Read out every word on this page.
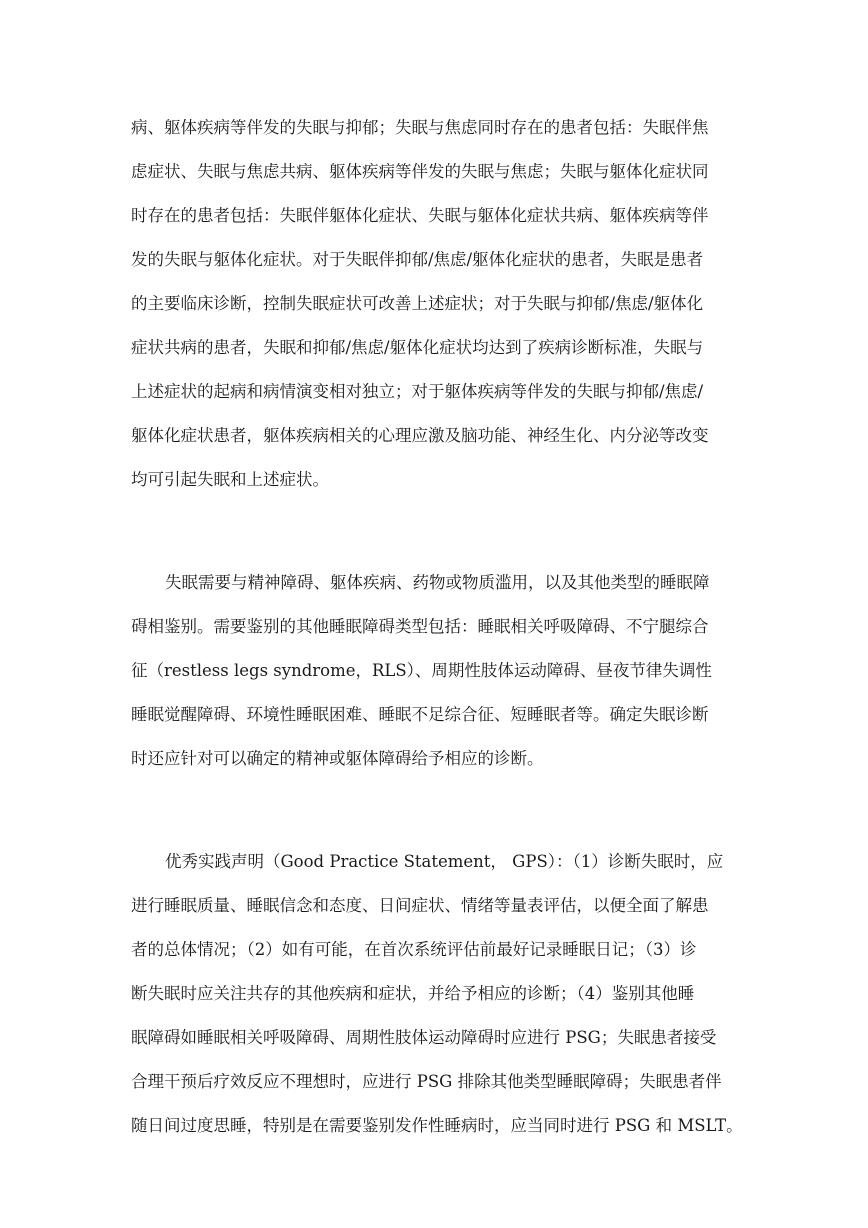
病、躯体疾病等伴发的失眠与抑郁；失眠与焦虑同时存在的患者包括：失眠伴焦

虑症状、失眠与焦虑共病、躯体疾病等伴发的失眠与焦虑；失眠与躯体化症状同

时存在的患者包括：失眠伴躯体化症状、失眠与躯体化症状共病、躯体疾病等伴

发的失眠与躯体化症状。对于失眠伴抑郁/焦虑/躯体化症状的患者，失眠是患者

的主要临床诊断，控制失眠症状可改善上述症状；对于失眠与抑郁/焦虑/躯体化

症状共病的患者，失眠和抑郁/焦虑/躯体化症状均达到了疾病诊断标准，失眠与

上述症状的起病和病情演变相对独立；对于躯体疾病等伴发的失眠与抑郁/焦虑/

躯体化症状患者，躯体疾病相关的心理应激及脑功能、神经生化、内分泌等改变

均可引起失眠和上述症状。

失眠需要与精神障碍、躯体疾病、药物或物质滥用，以及其他类型的睡眠障

碍相鉴别。需要鉴别的其他睡眠障碍类型包括：睡眠相关呼吸障碍、不宁腿综合

征（restless legs syndrome，RLS）、周期性肢体运动障碍、昼夜节律失调性

睡眠觉醒障碍、环境性睡眠困难、睡眠不足综合征、短睡眠者等。确定失眠诊断

时还应针对可以确定的精神或躯体障碍给予相应的诊断。

优秀实践声明（Good Practice Statement， GPS）：（1）诊断失眠时，应

进行睡眠质量、睡眠信念和态度、日间症状、情绪等量表评估，以便全面了解患

者的总体情况；（2）如有可能，在首次系统评估前最好记录睡眠日记；（3）诊

断失眠时应关注共存的其他疾病和症状，并给予相应的诊断；（4）鉴别其他睡

眠障碍如睡眠相关呼吸障碍、周期性肢体运动障碍时应进行 PSG；失眠患者接受

合理干预后疗效反应不理想时，应进行 PSG 排除其他类型睡眠障碍；失眠患者伴

随日间过度思睡，特别是在需要鉴别发作性睡病时，应当同时进行 PSG 和 MSLT。
